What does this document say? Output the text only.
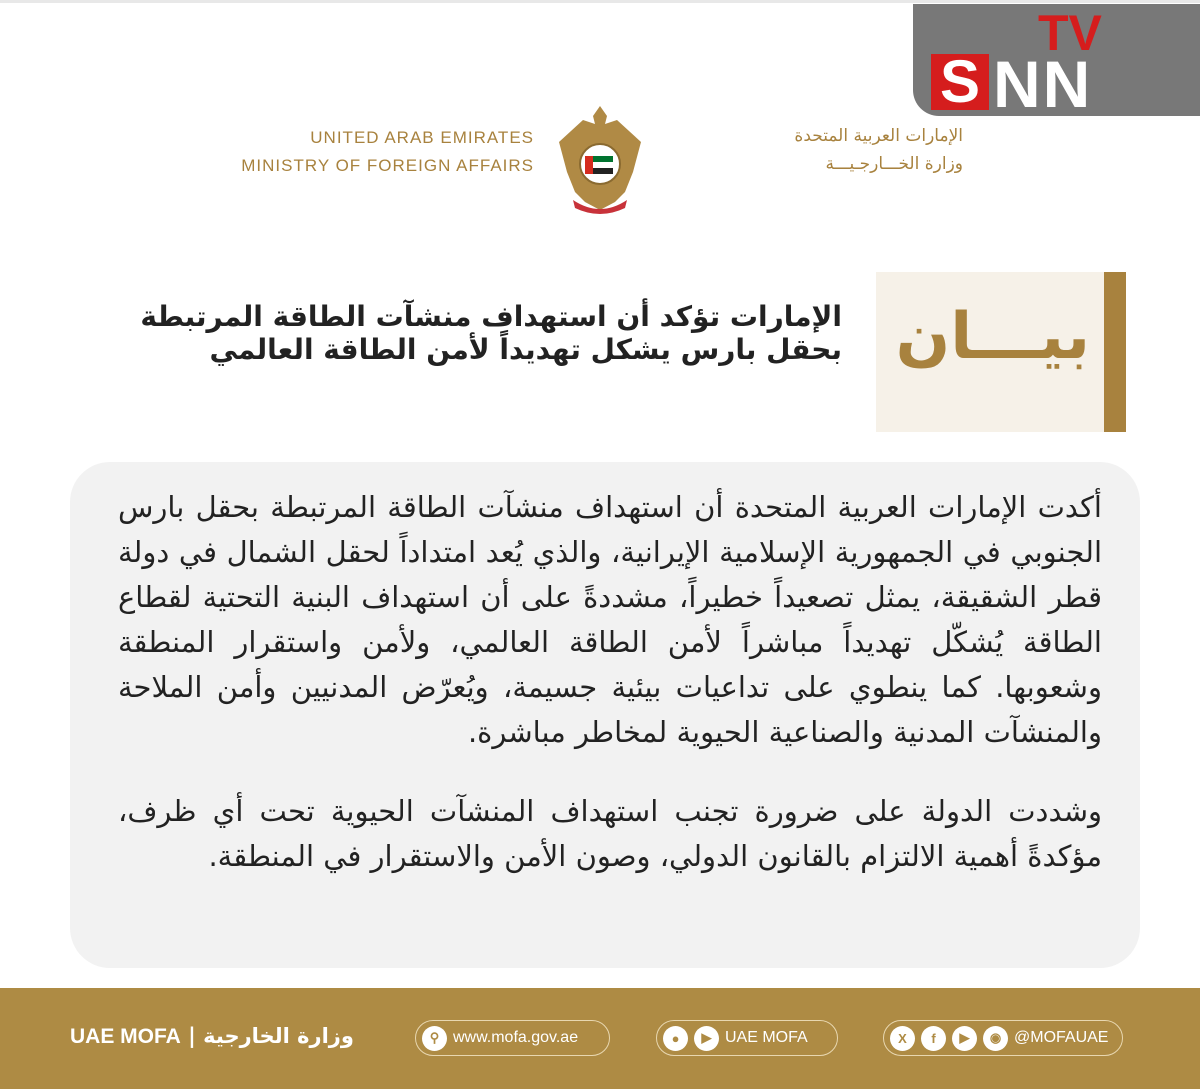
UNITED ARAB EMIRATES
MINISTRY OF FOREIGN AFFAIRS
الإمارات العربية المتحدة
وزارة الخـــارجـيـــة
بيـــان
الإمارات تؤكد أن استهداف منشآت الطاقة المرتبطة بحقل بارس يشكل تهديداً لأمن الطاقة العالمي

أكدت الإمارات العربية المتحدة أن استهداف منشآت الطاقة المرتبطة بحقل بارس الجنوبي في الجمهورية الإسلامية الإيرانية، والذي يُعد امتداداً لحقل الشمال في دولة قطر الشقيقة، يمثل تصعيداً خطيراً، مشددةً على أن استهداف البنية التحتية لقطاع الطاقة يُشكّل تهديداً مباشراً لأمن الطاقة العالمي، ولأمن واستقرار المنطقة وشعوبها. كما ينطوي على تداعيات بيئية جسيمة، ويُعرّض المدنيين وأمن الملاحة والمنشآت المدنية والصناعية الحيوية لمخاطر مباشرة.

وشددت الدولة على ضرورة تجنب استهداف المنشآت الحيوية تحت أي ظرف، مؤكدةً أهمية الالتزام بالقانون الدولي، وصون الأمن والاستقرار في المنطقة.

TV
S NN
UAE MOFA | وزارة الخارجية	⚲ www.mofa.gov.ae	●	▶ UAE MOFA	X	f	▶	◉ @MOFAUAE
